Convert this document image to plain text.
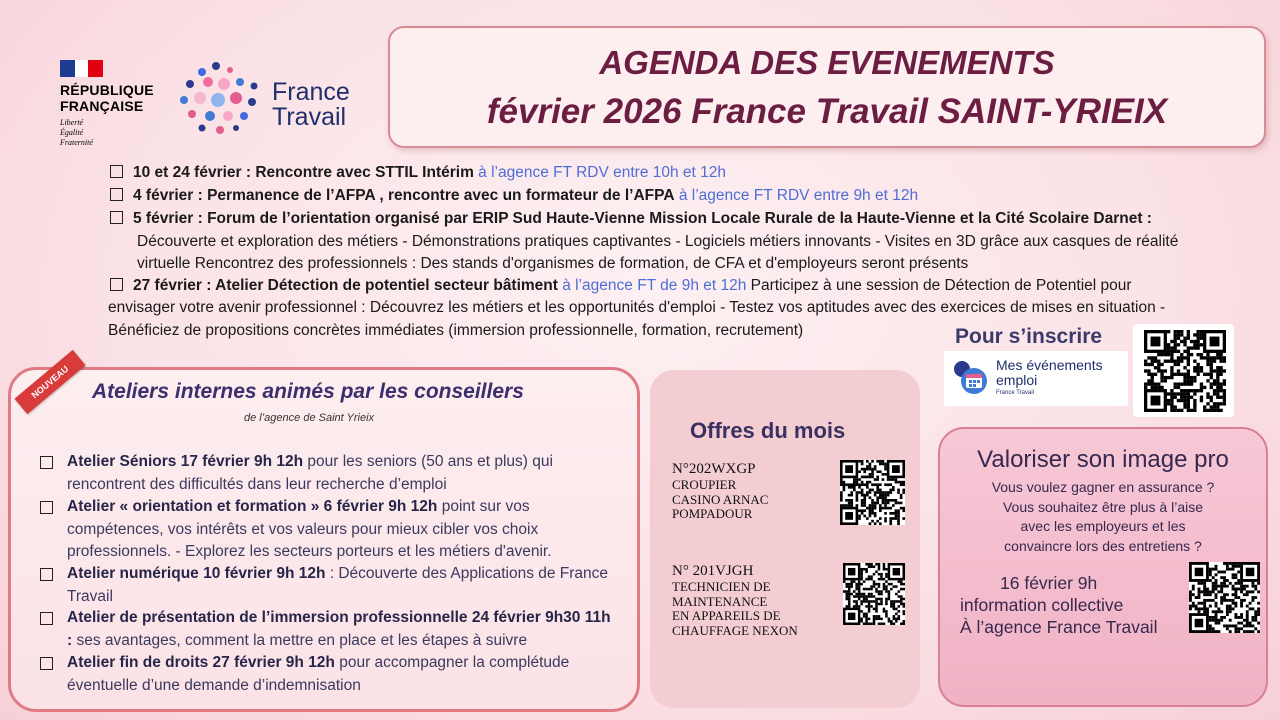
RÉPUBLIQUE
FRANÇAISE
Liberté
Égalité
Fraternité
France
Travail
AGENDA DES EVENEMENTS
février 2026 France Travail SAINT-YRIEIX
10 et 24 février : Rencontre avec STTIL Intérim à l’agence FT RDV entre 10h et 12h
4 février : Permanence de l’AFPA , rencontre avec un formateur de l’AFPA à l’agence FT RDV entre 9h et 12h
5 février : Forum de l’orientation organisé par ERIP Sud Haute-Vienne Mission Locale Rurale de la Haute-Vienne et la Cité Scolaire Darnet :
Découverte et exploration des métiers - Démonstrations pratiques captivantes - Logiciels métiers innovants - Visites en 3D grâce aux casques de réalité
virtuelle Rencontrez des professionnels : Des stands d'organismes de formation, de CFA et d'employeurs seront présents
27 février : Atelier Détection de potentiel secteur bâtiment à l’agence FT de 9h et 12h Participez à une session de Détection de Potentiel pour
envisager votre avenir professionnel : Découvrez les métiers et les opportunités d'emploi - Testez vos aptitudes avec des exercices de mises en situation -
Bénéficiez de propositions concrètes immédiates (immersion professionnelle, formation, recrutement)
NOUVEAU	Ateliers internes animés par les conseillers
de l’agence de Saint Yrieix
Atelier Séniors 17 février 9h 12h pour les seniors (50 ans et plus) qui rencontrent des difficultés dans leur recherche d’emploi
Atelier « orientation et formation » 6 février 9h 12h point sur vos compétences, vos intérêts et vos valeurs pour mieux cibler vos choix professionnels. - Explorez les secteurs porteurs et les métiers d'avenir.
Atelier numérique 10 février 9h 12h : Découverte des Applications de France Travail
Atelier de présentation de l’immersion professionnelle 24 février 9h30 11h : ses avantages, comment la mettre en place et les étapes à suivre
Atelier fin de droits 27 février 9h 12h pour accompagner la complétude éventuelle d’une demande d’indemnisation
Offres du mois
N°202WXGP
CROUPIER
CASINO ARNAC
POMPADOUR
N° 201VJGH
TECHNICIEN DE
MAINTENANCE
EN APPAREILS DE
CHAUFFAGE NEXON
Pour s’inscrire
Mes événements
emploi
France Travail
Valoriser son image pro
Vous voulez gagner en assurance ?
Vous souhaitez être plus à l’aise
avec les employeurs et les
convaincre lors des entretiens ?
16 février 9h
information collective
À l’agence France Travail
